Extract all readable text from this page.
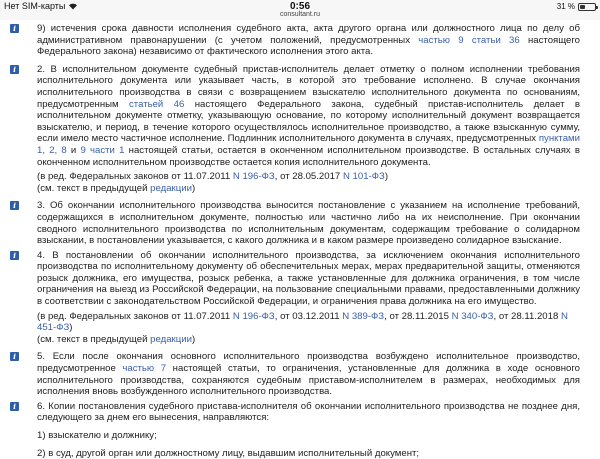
Нет SIM-карты	0:56
consultant.ru
31 %
i	9) истечения срока давности исполнения судебного акта, акта другого органа или должностного лица по делу об административном правонарушении (с учетом положений, предусмотренных частью 9 статьи 36 настоящего Федерального закона) независимо от фактического исполнения этого акта.
i	2. В исполнительном документе судебный пристав-исполнитель делает отметку о полном исполнении требования исполнительного документа или указывает часть, в которой это требование исполнено. В случае окончания исполнительного производства в связи с возвращением взыскателю исполнительного документа по основаниям, предусмотренным статьей 46 настоящего Федерального закона, судебный пристав-исполнитель делает в исполнительном документе отметку, указывающую основание, по которому исполнительный документ возвращается взыскателю, и период, в течение которого осуществлялось исполнительное производство, а также взысканную сумму, если имело место частичное исполнение. Подлинник исполнительного документа в случаях, предусмотренных пунктами 1, 2, 8 и 9 части 1 настоящей статьи, остается в оконченном исполнительном производстве. В остальных случаях в оконченном исполнительном производстве остается копия исполнительного документа.
(в ред. Федеральных законов от 11.07.2011 N 196-ФЗ, от 28.05.2017 N 101-ФЗ)
(см. текст в предыдущей редакции)
i	3. Об окончании исполнительного производства выносится постановление с указанием на исполнение требований, содержащихся в исполнительном документе, полностью или частично либо на их неисполнение. При окончании сводного исполнительного производства по исполнительным документам, содержащим требование о солидарном взыскании, в постановлении указывается, с какого должника и в каком размере произведено солидарное взыскание.
i	4. В постановлении об окончании исполнительного производства, за исключением окончания исполнительного производства по исполнительному документу об обеспечительных мерах, мерах предварительной защиты, отменяются розыск должника, его имущества, розыск ребенка, а также установленные для должника ограничения, в том числе ограничения на выезд из Российской Федерации, на пользование специальными правами, предоставленными должнику в соответствии с законодательством Российской Федерации, и ограничения права должника на его имущество.
(в ред. Федеральных законов от 11.07.2011 N 196-ФЗ, от 03.12.2011 N 389-ФЗ, от 28.11.2015 N 340-ФЗ, от 28.11.2018 N 451-ФЗ)
(см. текст в предыдущей редакции)
i	5. Если после окончания основного исполнительного производства возбуждено исполнительное производство, предусмотренное частью 7 настоящей статьи, то ограничения, установленные для должника в ходе основного исполнительного производства, сохраняются судебным приставом-исполнителем в размерах, необходимых для исполнения вновь возбужденного исполнительного производства.
i	6. Копии постановления судебного пристава-исполнителя об окончании исполнительного производства не позднее дня, следующего за днем его вынесения, направляются:
1) взыскателю и должнику;
2) в суд, другой орган или должностному лицу, выдавшим исполнительный документ;
